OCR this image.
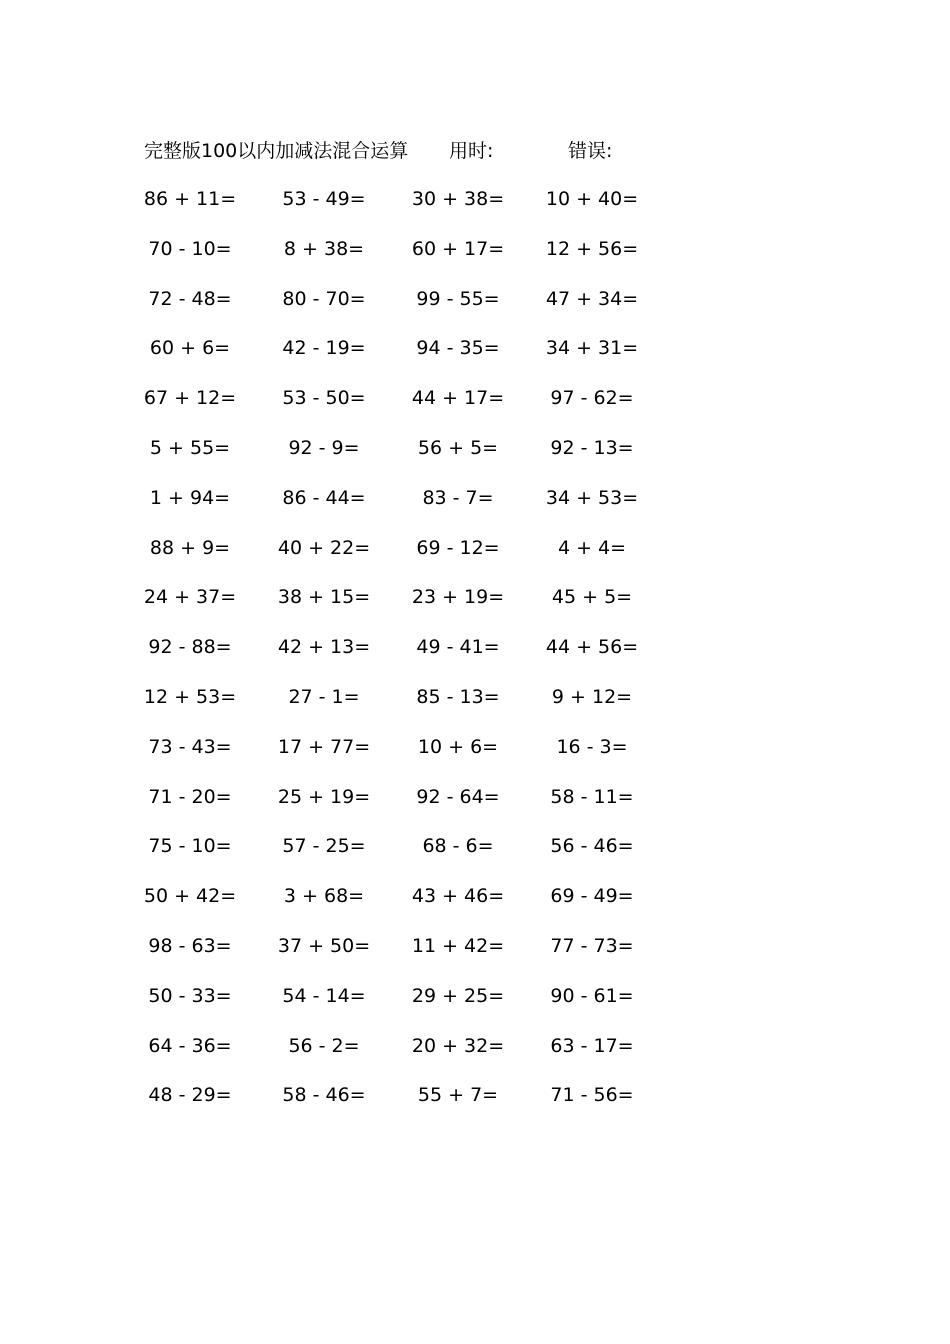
完整版100以内加减法混合运算 用时:	错误:
86 + 11=	53 - 49=	30 + 38=	10 + 40=
70 - 10=	8 + 38=	60 + 17=	12 + 56=
72 - 48=	80 - 70=	99 - 55=	47 + 34=
60 + 6=	42 - 19=	94 - 35=	34 + 31=
67 + 12=	53 - 50=	44 + 17=	97 - 62=
5 + 55=	92 - 9=	56 + 5=	92 - 13=
1 + 94=	86 - 44=	83 - 7=	34 + 53=
88 + 9=	40 + 22=	69 - 12=	4 + 4=
24 + 37=	38 + 15=	23 + 19=	45 + 5=
92 - 88=	42 + 13=	49 - 41=	44 + 56=
12 + 53=	27 - 1=	85 - 13=	9 + 12=
73 - 43=	17 + 77=	10 + 6=	16 - 3=
71 - 20=	25 + 19=	92 - 64=	58 - 11=
75 - 10=	57 - 25=	68 - 6=	56 - 46=
50 + 42=	3 + 68=	43 + 46=	69 - 49=
98 - 63=	37 + 50=	11 + 42=	77 - 73=
50 - 33=	54 - 14=	29 + 25=	90 - 61=
64 - 36=	56 - 2=	20 + 32=	63 - 17=
48 - 29=	58 - 46=	55 + 7=	71 - 56=
